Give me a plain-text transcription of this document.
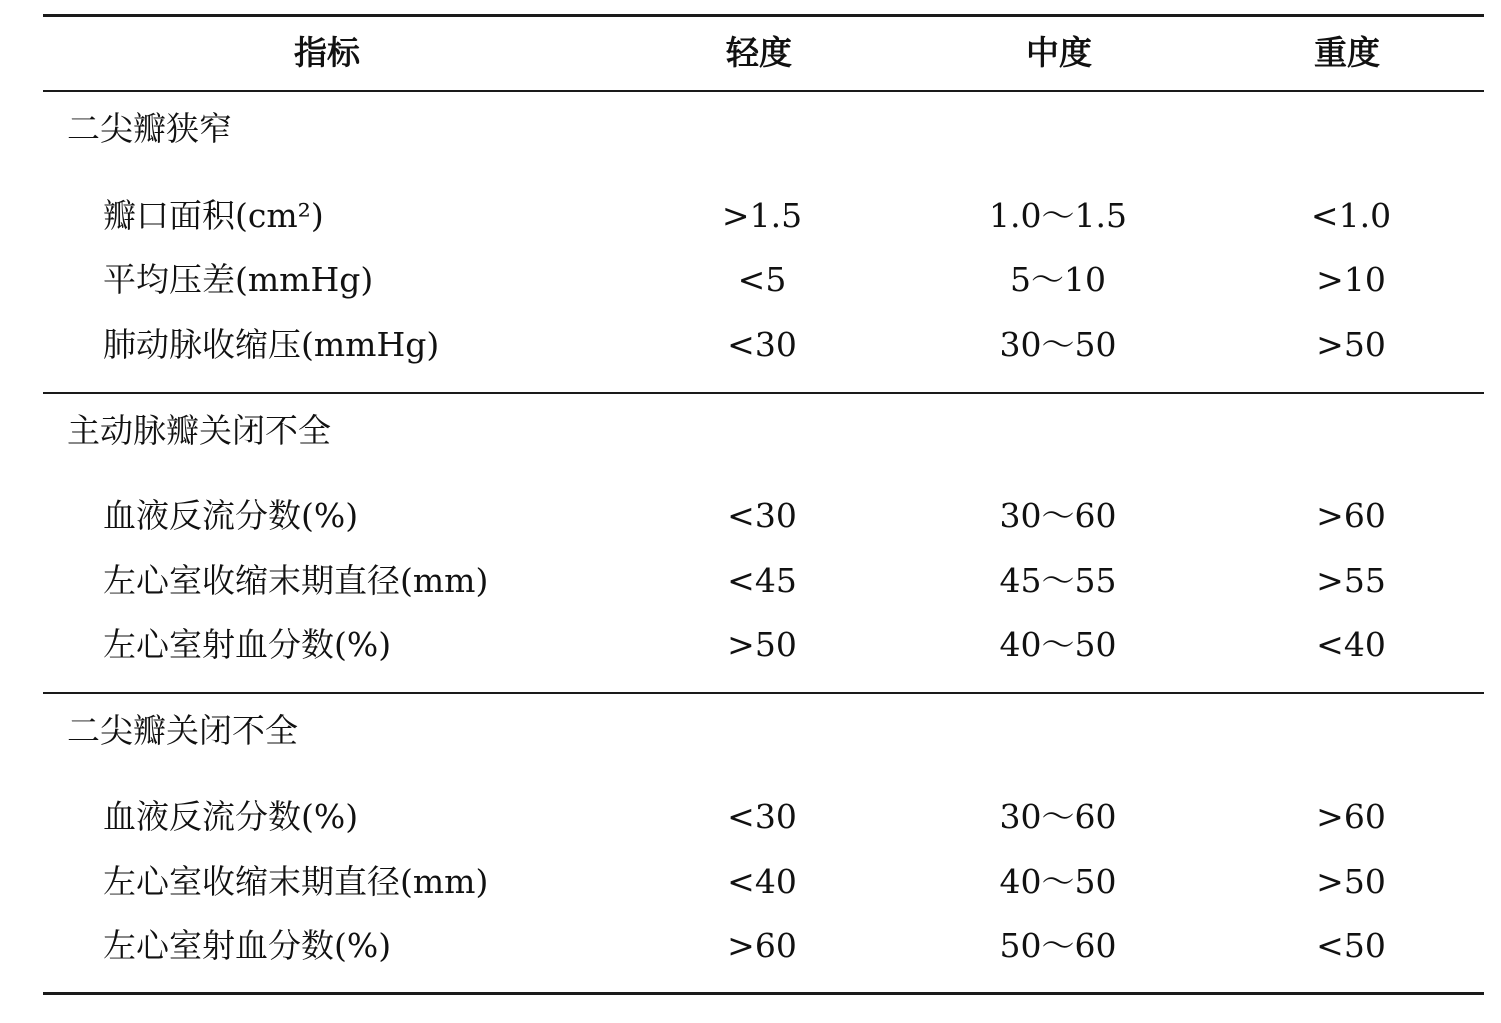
指标	轻度	中度	重度
二尖瓣狭窄
瓣口面积(cm²)	>1.5	1.0～1.5	<1.0
平均压差(mmHg)	<5	5～10	>10
肺动脉收缩压(mmHg)	<30	30～50	>50
主动脉瓣关闭不全
血液反流分数(%)	<30	30～60	>60
左心室收缩末期直径(mm)	<45	45～55	>55
左心室射血分数(%)	>50	40～50	<40
二尖瓣关闭不全
血液反流分数(%)	<30	30～60	>60
左心室收缩末期直径(mm)	<40	40～50	>50
左心室射血分数(%)	>60	50～60	<50
